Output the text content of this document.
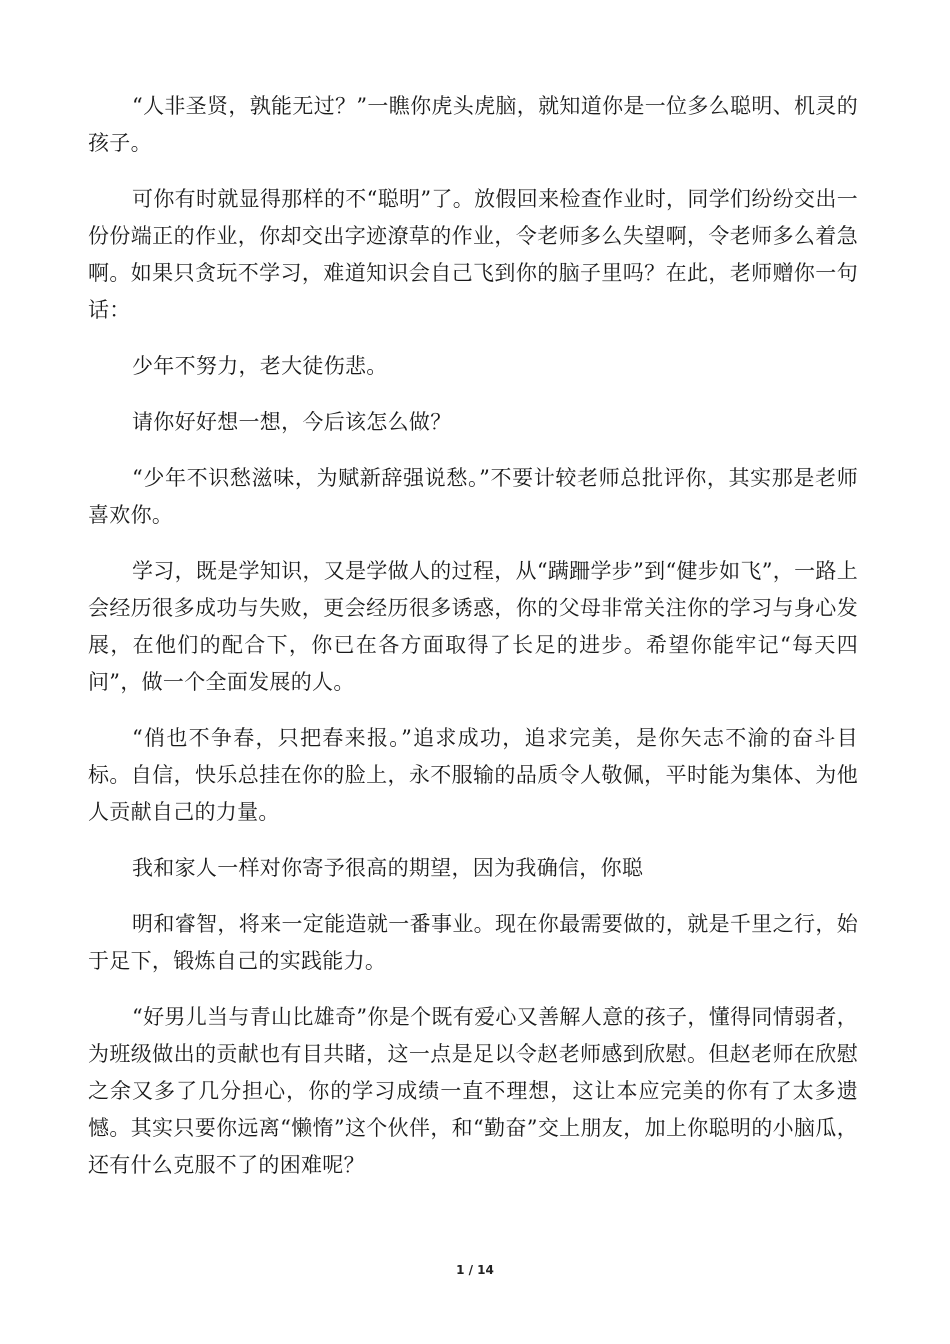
“人非圣贤，孰能无过？”一瞧你虎头虎脑，就知道你是一位多么聪明、机灵的孩子。

可你有时就显得那样的不“聪明”了。放假回来检查作业时，同学们纷纷交出一份份端正的作业，你却交出字迹潦草的作业，令老师多么失望啊，令老师多么着急啊。如果只贪玩不学习，难道知识会自己飞到你的脑子里吗？在此，老师赠你一句话：

少年不努力，老大徒伤悲。

请你好好想一想，今后该怎么做？

“少年不识愁滋味，为赋新辞强说愁。”不要计较老师总批评你，其实那是老师喜欢你。

学习，既是学知识，又是学做人的过程，从“蹒跚学步”到“健步如飞”，一路上会经历很多成功与失败，更会经历很多诱惑，你的父母非常关注你的学习与身心发展，在他们的配合下，你已在各方面取得了长足的进步。希望你能牢记“每天四问”，做一个全面发展的人。

“俏也不争春，只把春来报。”追求成功，追求完美，是你矢志不渝的奋斗目标。自信，快乐总挂在你的脸上，永不服输的品质令人敬佩，平时能为集体、为他人贡献自己的力量。

我和家人一样对你寄予很高的期望，因为我确信，你聪

明和睿智，将来一定能造就一番事业。现在你最需要做的，就是千里之行，始于足下，锻炼自己的实践能力。

“好男儿当与青山比雄奇”你是个既有爱心又善解人意的孩子，懂得同情弱者，为班级做出的贡献也有目共睹，这一点是足以令赵老师感到欣慰。但赵老师在欣慰之余又多了几分担心，你的学习成绩一直不理想，这让本应完美的你有了太多遗憾。其实只要你远离“懒惰”这个伙伴，和“勤奋”交上朋友，加上你聪明的小脑瓜，还有什么克服不了的困难呢？

1 / 14
